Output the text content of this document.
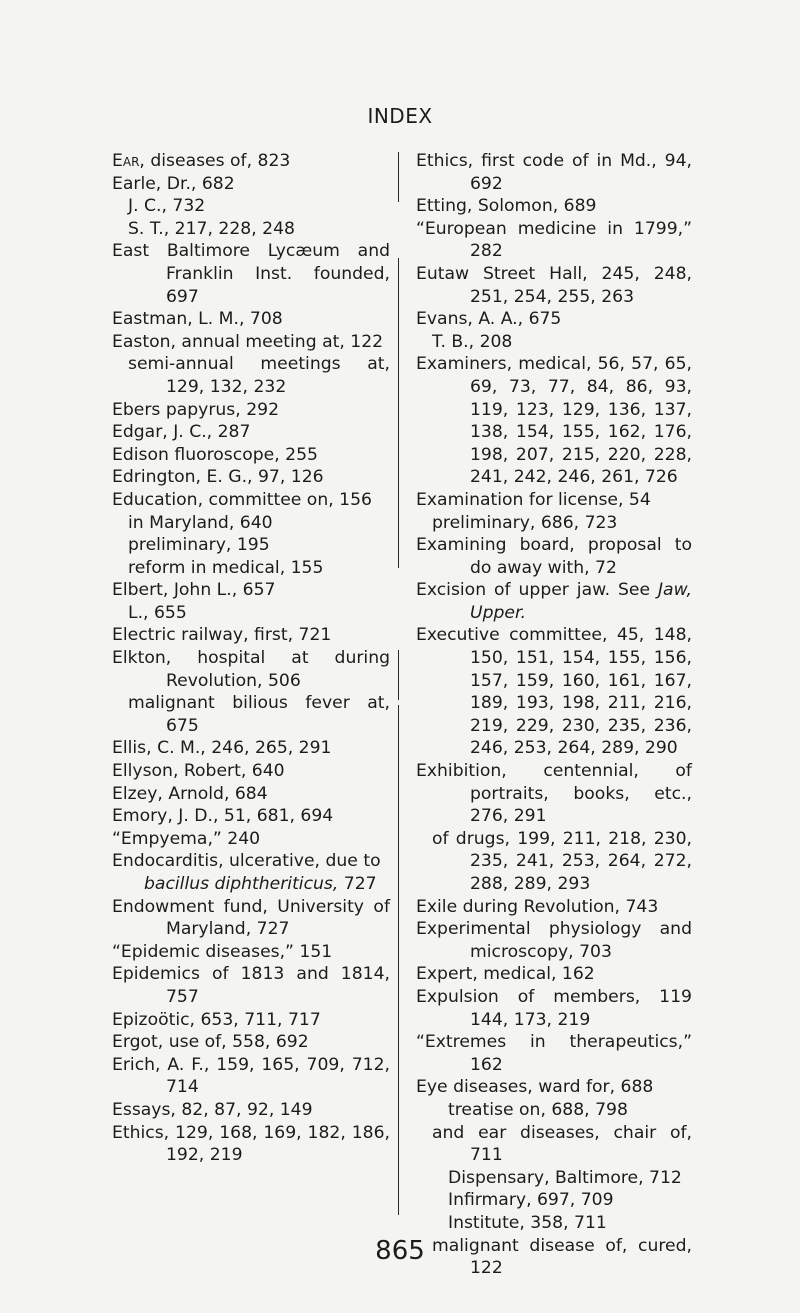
INDEX

Ear, diseases of, 823

Earle, Dr., 682

J. C., 732

S. T., 217, 228, 248

East Baltimore Lycæum and Franklin Inst. founded, 697

Eastman, L. M., 708

Easton, annual meeting at, 122

semi-annual meetings at, 129, 132, 232

Ebers papyrus, 292

Edgar, J. C., 287

Edison fluoroscope, 255

Edrington, E. G., 97, 126

Education, committee on, 156

in Maryland, 640

preliminary, 195

reform in medical, 155

Elbert, John L., 657

L., 655

Electric railway, first, 721

Elkton, hospital at during Revolution, 506

malignant bilious fever at, 675

Ellis, C. M., 246, 265, 291

Ellyson, Robert, 640

Elzey, Arnold, 684

Emory, J. D., 51, 681, 694

“Empyema,” 240

Endocarditis, ulcerative, due to

bacillus diphtheriticus, 727

Endowment fund, University of Maryland, 727

“Epidemic diseases,” 151

Epidemics of 1813 and 1814, 757

Epizoötic, 653, 711, 717

Ergot, use of, 558, 692

Erich, A. F., 159, 165, 709, 712, 714

Essays, 82, 87, 92, 149

Ethics, 129, 168, 169, 182, 186, 192, 219

Ethics, first code of in Md., 94, 692

Etting, Solomon, 689

“European medicine in 1799,” 282

Eutaw Street Hall, 245, 248, 251, 254, 255, 263

Evans, A. A., 675

T. B., 208

Examiners, medical, 56, 57, 65, 69, 73, 77, 84, 86, 93, 119, 123, 129, 136, 137, 138, 154, 155, 162, 176, 198, 207, 215, 220, 228, 241, 242, 246, 261, 726

Examination for license, 54

preliminary, 686, 723

Examining board, proposal to do away with, 72

Excision of upper jaw. See Jaw, Upper.

Executive committee, 45, 148, 150, 151, 154, 155, 156, 157, 159, 160, 161, 167, 189, 193, 198, 211, 216, 219, 229, 230, 235, 236, 246, 253, 264, 289, 290

Exhibition, centennial, of portraits, books, etc., 276, 291

of drugs, 199, 211, 218, 230, 235, 241, 253, 264, 272, 288, 289, 293

Exile during Revolution, 743

Experimental physiology and microscopy, 703

Expert, medical, 162

Expulsion of members, 119 144, 173, 219

“Extremes in therapeutics,” 162

Eye diseases, ward for, 688

treatise on, 688, 798

and ear diseases, chair of, 711

Dispensary, Baltimore, 712

Infirmary, 697, 709

Institute, 358, 711

malignant disease of, cured, 122

865
